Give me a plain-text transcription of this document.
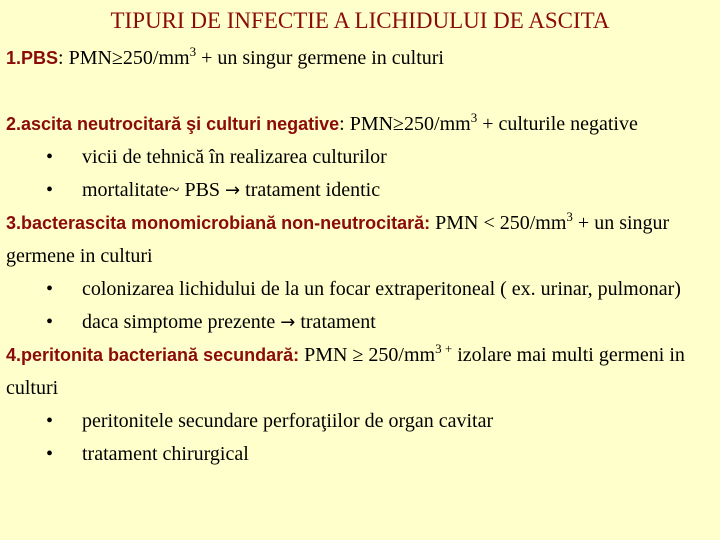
TIPURI DE INFECTIE A LICHIDULUI DE ASCITA

1.PBS: $PMN\ge 250/mm^3$ + un singur germene in culturi

2.ascita neutrocitară şi culturi negative: $PMN\ge 250/mm^3$ + culturile negative

• vicii de tehnică în realizarea culturilor
• mortalitate~ PBS → tratament identic

3.bacterascita monomicrobiană non-neutrocitară: PMN < $250/mm^3$ + un singur germene in culturi

• colonizarea lichidului de la un focar extraperitoneal ( ex. urinar, pulmonar)
• daca simptome prezente → tratament

4.peritonita bacteriană secundară: PMN ≥ $250/mm^{3 +}$ izolare mai multi germeni in culturi

• peritonitele secundare perforaţiilor de organ cavitar
• tratament chirurgical
